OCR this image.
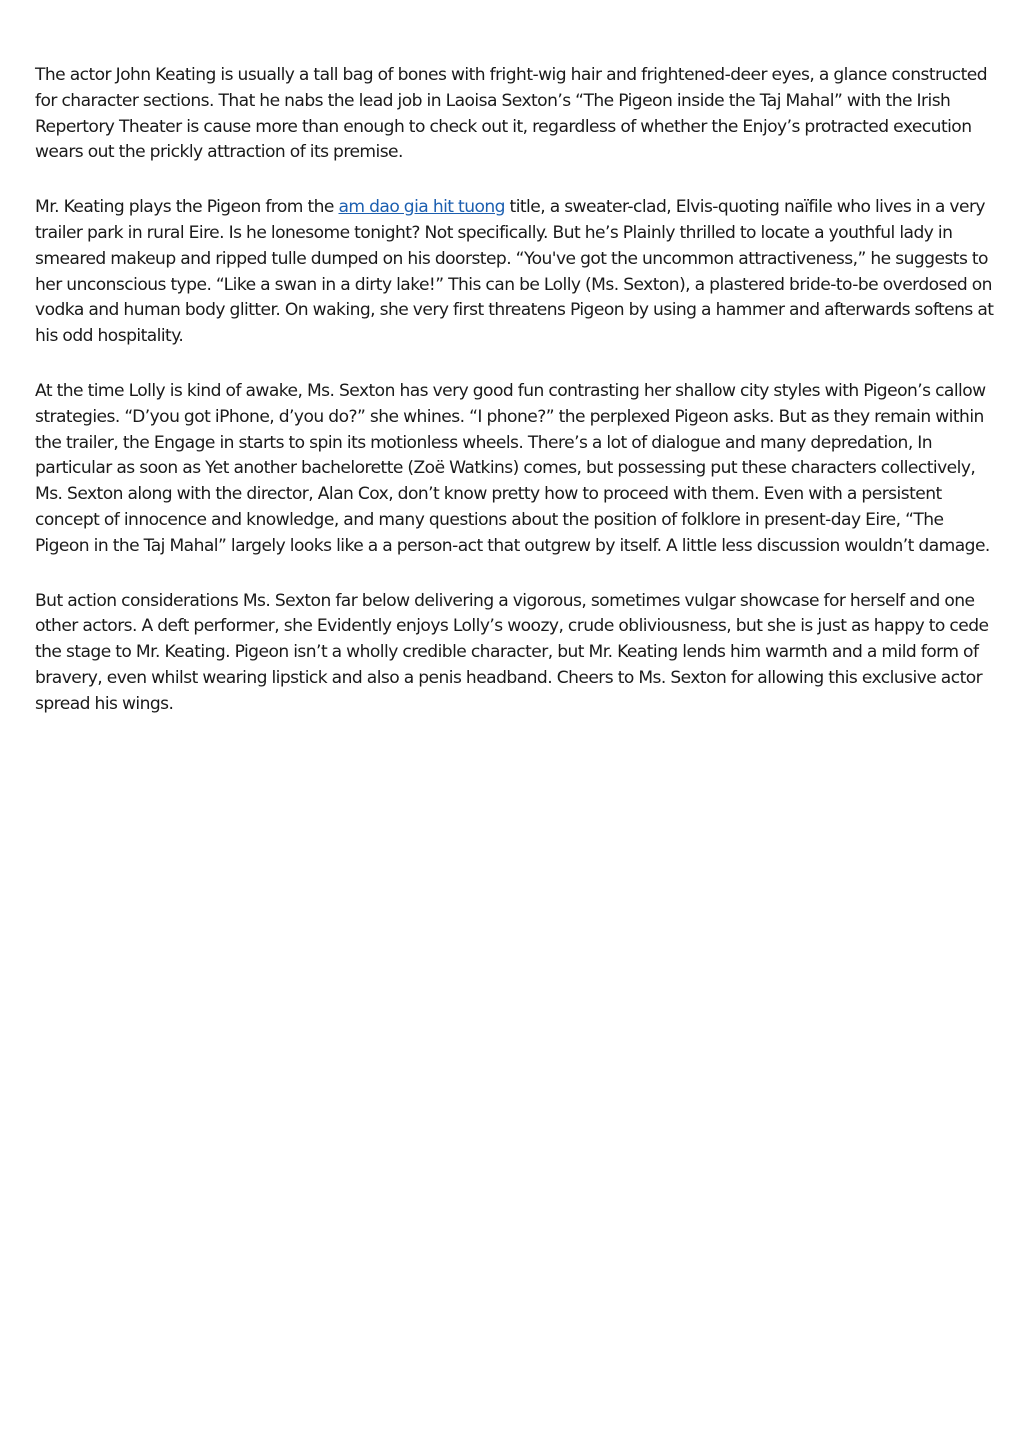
The actor John Keating is usually a tall bag of bones with fright-wig hair and frightened-deer eyes, a glance constructed for character sections. That he nabs the lead job in Laoisa Sexton’s “The Pigeon inside the Taj Mahal” with the Irish Repertory Theater is cause more than enough to check out it, regardless of whether the Enjoy’s protracted execution wears out the prickly attraction of its premise.

Mr. Keating plays the Pigeon from the am dao gia hit tuong title, a sweater-clad, Elvis-quoting naïfile who lives in a very trailer park in rural Eire. Is he lonesome tonight? Not specifically. But he’s Plainly thrilled to locate a youthful lady in smeared makeup and ripped tulle dumped on his doorstep. “You've got the uncommon attractiveness,” he suggests to her unconscious type. “Like a swan in a dirty lake!” This can be Lolly (Ms. Sexton), a plastered bride-to-be overdosed on vodka and human body glitter. On waking, she very first threatens Pigeon by using a hammer and afterwards softens at his odd hospitality.

At the time Lolly is kind of awake, Ms. Sexton has very good fun contrasting her shallow city styles with Pigeon’s callow strategies. “D’you got iPhone, d’you do?” she whines. “I phone?” the perplexed Pigeon asks. But as they remain within the trailer, the Engage in starts to spin its motionless wheels. There’s a lot of dialogue and many depredation, In particular as soon as Yet another bachelorette (Zoë Watkins) comes, but possessing put these characters collectively, Ms. Sexton along with the director, Alan Cox, don’t know pretty how to proceed with them. Even with a persistent concept of innocence and knowledge, and many questions about the position of folklore in present-day Eire, “The Pigeon in the Taj Mahal” largely looks like a a person-act that outgrew by itself. A little less discussion wouldn’t damage.

But action considerations Ms. Sexton far below delivering a vigorous, sometimes vulgar showcase for herself and one other actors. A deft performer, she Evidently enjoys Lolly’s woozy, crude obliviousness, but she is just as happy to cede the stage to Mr. Keating. Pigeon isn’t a wholly credible character, but Mr. Keating lends him warmth and a mild form of bravery, even whilst wearing lipstick and also a penis headband. Cheers to Ms. Sexton for allowing this exclusive actor spread his wings.
